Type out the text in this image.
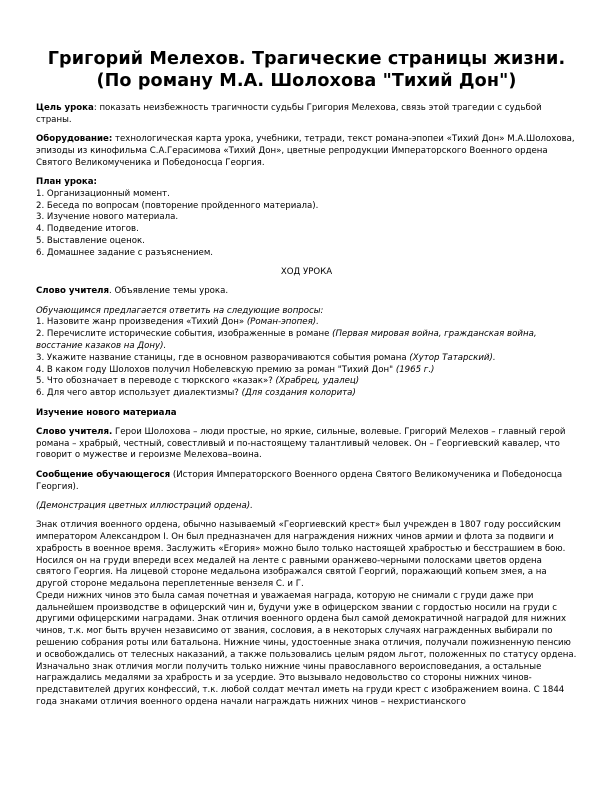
Григорий Мелехов. Трагические страницы жизни. (По роману М.А. Шолохова "Тихий Дон")

Цель урока: показать неизбежность трагичности судьбы Григория Мелехова, связь этой трагедии с судьбой страны.

Оборудование: технологическая карта урока, учебники, тетради, текст романа-эпопеи «Тихий Дон» М.А.Шолохова, эпизоды из кинофильма С.А.Герасимова «Тихий Дон», цветные репродукции Императорского Военного ордена Святого Великомученика и Победоносца Георгия.

План урока:

1. Организационный момент.
2. Беседа по вопросам (повторение пройденного материала).
3. Изучение нового материала.
4. Подведение итогов.
5. Выставление оценок.
6. Домашнее задание с разъяснением.

ХОД УРОКА

Слово учителя. Объявление темы урока.

Обучающимся предлагается ответить на следующие вопросы:

1. Назовите жанр произведения «Тихий Дон» (Роман-эпопея).
2. Перечислите исторические события, изображенные в романе (Первая мировая война, гражданская война, восстание казаков на Дону).
3. Укажите название станицы, где в основном разворачиваются события романа (Хутор Татарский).
4. В каком году Шолохов получил Нобелевскую премию за роман "Тихий Дон" (1965 г.)
5. Что обозначает в переводе с тюркского «казак»? (Храбрец, удалец)
6. Для чего автор использует диалектизмы? (Для создания колорита)

Изучение нового материала

Слово учителя. Герои Шолохова – люди простые, но яркие, сильные, волевые. Григорий Мелехов – главный герой романа – храбрый, честный, совестливый и по-настоящему талантливый человек. Он – Георгиевский кавалер, что говорит о мужестве и героизме Мелехова–воина.

Сообщение обучающегося (История Императорского Военного ордена Святого Великомученика и Победоносца Георгия).

(Демонстрация цветных иллюстраций ордена).

Знак отличия военного ордена, обычно называемый «Георгиевский крест» был учрежден в 1807 году российским императором Александром I. Он был предназначен для награждения нижних чинов армии и флота за подвиги и храбрость в военное время. Заслужить «Егория» можно было только настоящей храбростью и бесстрашием в бою. Носился он на груди впереди всех медалей на ленте с равными оранжево-черными полосками цветов ордена святого Георгия. На лицевой стороне медальона изображался святой Георгий, поражающий копьем змея, а на другой стороне медальона переплетенные вензеля С. и Г.

Среди нижних чинов это была самая почетная и уважаемая награда, которую не снимали с груди даже при дальнейшем производстве в офицерский чин и, будучи уже в офицерском звании с гордостью носили на груди с другими офицерскими наградами. Знак отличия военного ордена был самой демократичной наградой для нижних чинов, т.к. мог быть вручен независимо от звания, сословия, а в некоторых случаях награжденных выбирали по решению собрания роты или батальона. Нижние чины, удостоенные знака отличия, получали пожизненную пенсию и освобождались от телесных наказаний, а также пользовались целым рядом льгот, положенных по статусу ордена.

Изначально знак отличия могли получить только нижние чины православного вероисповедания, а остальные награждались медалями за храбрость и за усердие. Это вызывало недовольство со стороны нижних чинов-представителей других конфессий, т.к. любой солдат мечтал иметь на груди крест с изображением воина. С 1844 года знаками отличия военного ордена начали награждать нижних чинов – нехристианского
